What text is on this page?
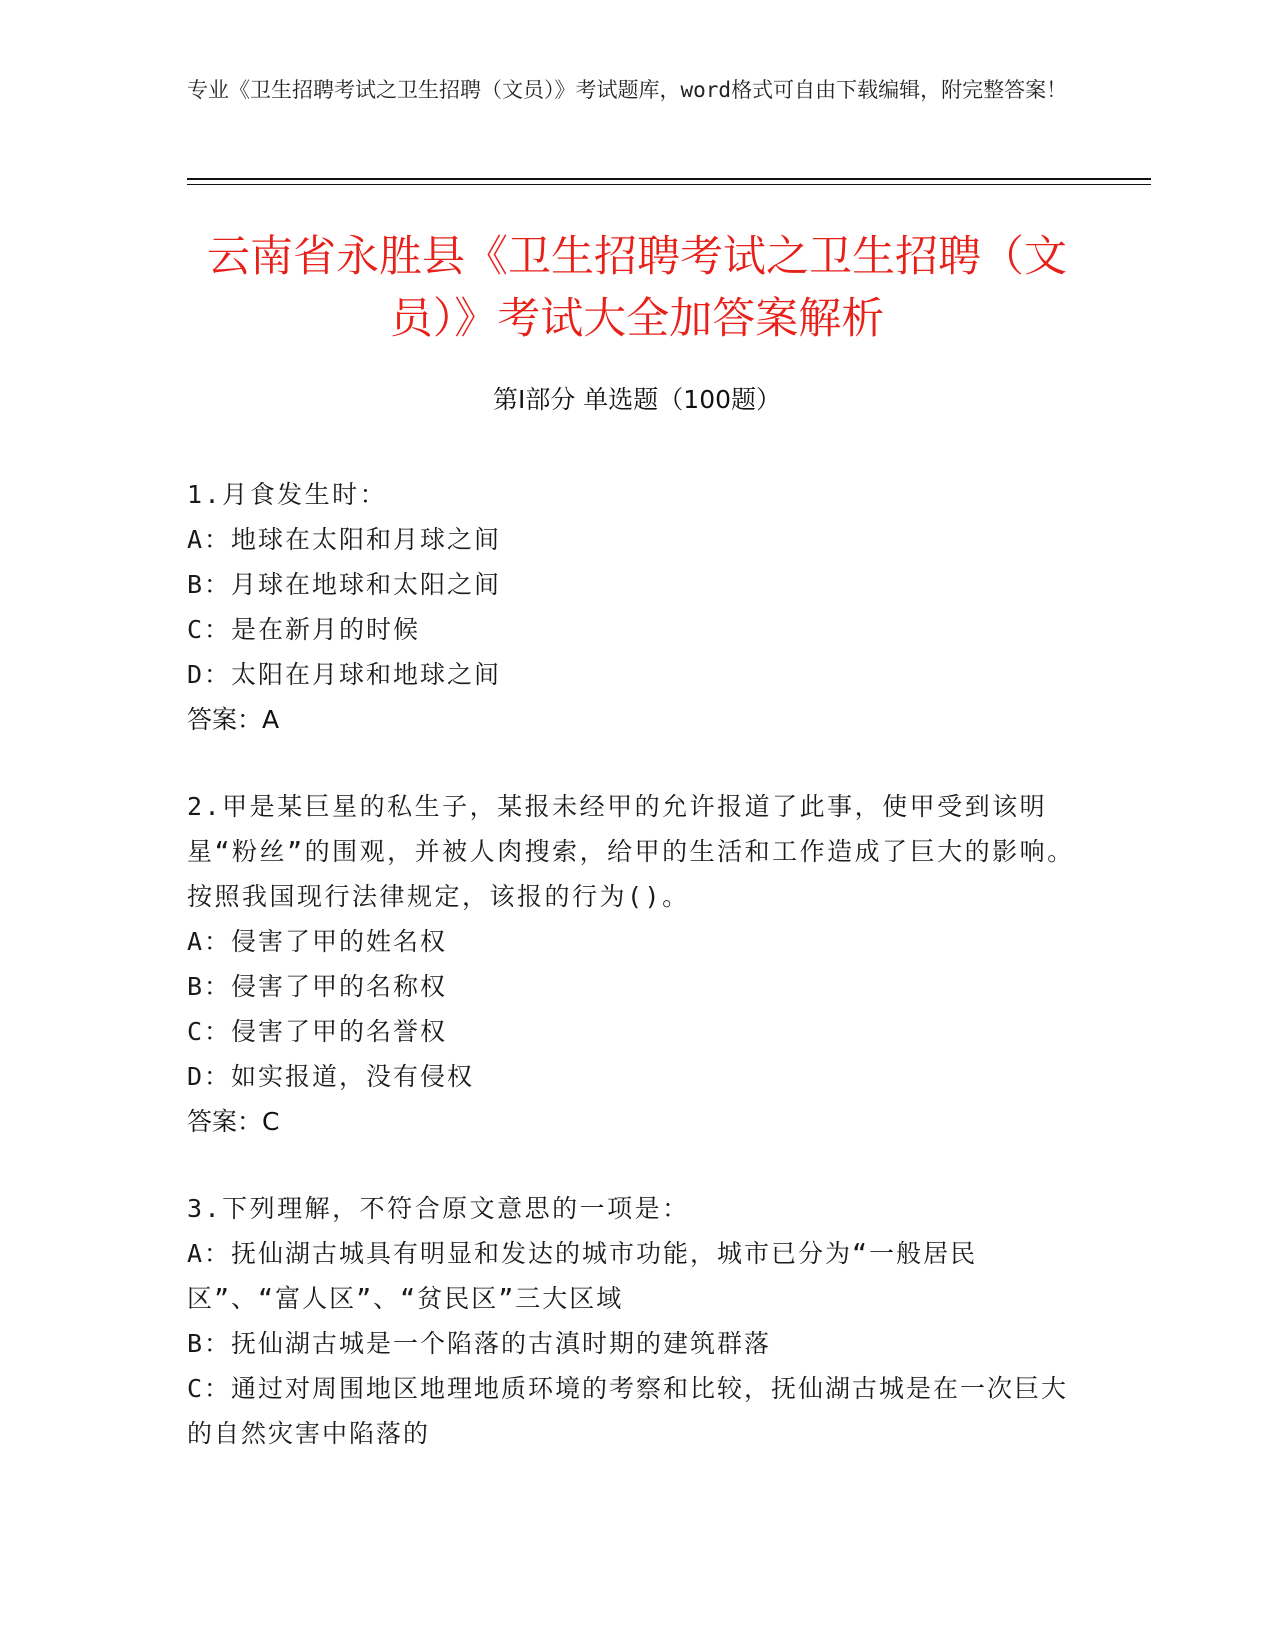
专业《卫生招聘考试之卫生招聘（文员）》考试题库，word格式可自由下载编辑，附完整答案！
云南省永胜县《卫生招聘考试之卫生招聘（文员）》考试大全加答案解析
第I部分 单选题（100题）
1.月食发生时：
A：地球在太阳和月球之间
B：月球在地球和太阳之间
C：是在新月的时候
D：太阳在月球和地球之间
答案：A
2.甲是某巨星的私生子，某报未经甲的允许报道了此事，使甲受到该明星“粉丝”的围观，并被人肉搜索，给甲的生活和工作造成了巨大的影响。按照我国现行法律规定，该报的行为()。
A：侵害了甲的姓名权
B：侵害了甲的名称权
C：侵害了甲的名誉权
D：如实报道，没有侵权
答案：C
3.下列理解，不符合原文意思的一项是：
A：抚仙湖古城具有明显和发达的城市功能，城市已分为“一般居民区”、“富人区”、“贫民区”三大区域
B：抚仙湖古城是一个陷落的古滇时期的建筑群落
C：通过对周围地区地理地质环境的考察和比较，抚仙湖古城是在一次巨大的自然灾害中陷落的
